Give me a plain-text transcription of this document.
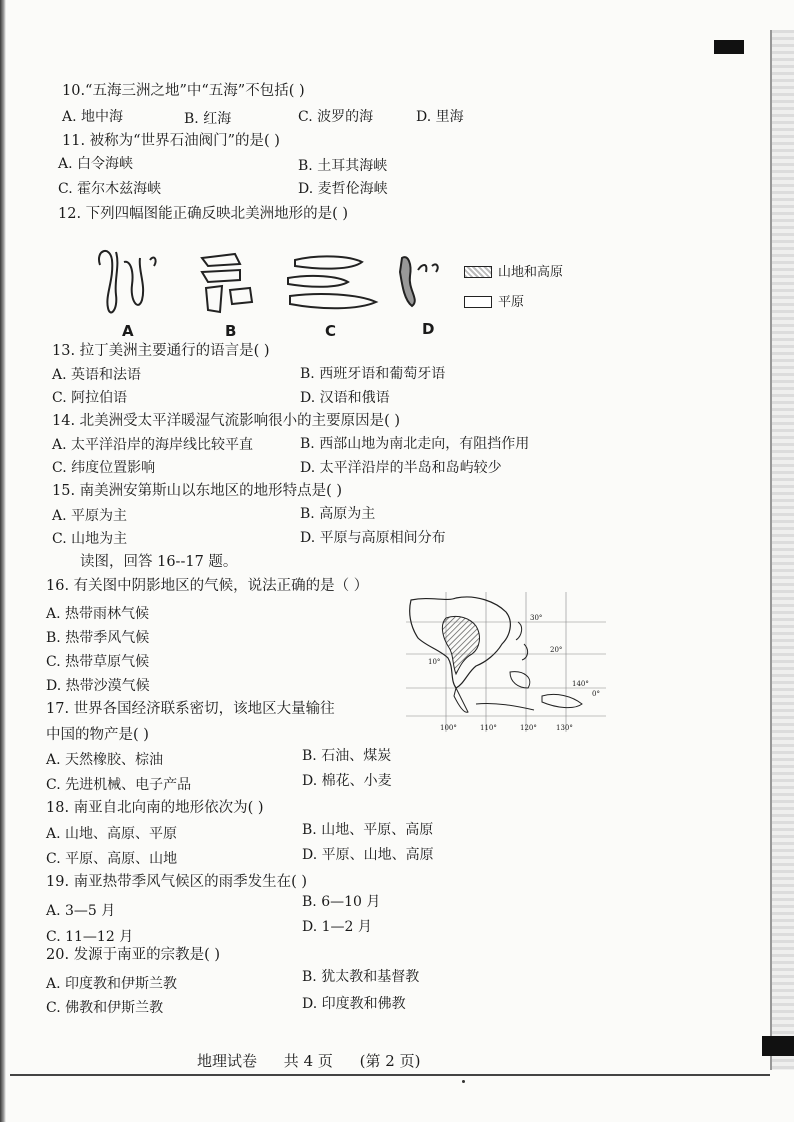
10.“五海三洲之地”中“五海”不包括( )
A. 地中海	B. 红海	C. 波罗的海	D. 里海
11. 被称为“世界石油阀门”的是( )
A. 白令海峡	B. 土耳其海峡
C. 霍尔木兹海峡	D. 麦哲伦海峡
12. 下列四幅图能正确反映北美洲地形的是( )
A	B	C	D
山地和高原
平原
13. 拉丁美洲主要通行的语言是( )
A. 英语和法语	B. 西班牙语和葡萄牙语
C. 阿拉伯语	D. 汉语和俄语
14. 北美洲受太平洋暖湿气流影响很小的主要原因是( )
A. 太平洋沿岸的海岸线比较平直	B. 西部山地为南北走向，有阻挡作用
C. 纬度位置影响	D. 太平洋沿岸的半岛和岛屿较少
15. 南美洲安第斯山以东地区的地形特点是( )
A. 平原为主	B. 高原为主
C. 山地为主	D. 平原与高原相间分布
读图，回答 16--17 题。
16. 有关图中阴影地区的气候，说法正确的是（ ）
A. 热带雨林气候
B. 热带季风气候
C. 热带草原气候
D. 热带沙漠气候
30°
20°
10°
0°
100°	110°	120°	130°
140°
17. 世界各国经济联系密切，该地区大量输往
中国的物产是( )
A. 天然橡胶、棕油	B. 石油、煤炭
C. 先进机械、电子产品	D. 棉花、小麦
18. 南亚自北向南的地形依次为( )
A. 山地、高原、平原	B. 山地、平原、高原
C. 平原、高原、山地	D. 平原、山地、高原
19. 南亚热带季风气候区的雨季发生在( )
A. 3—5 月
B. 6—10 月
C. 11—12 月
D. 1—2 月
20. 发源于南亚的宗教是( )
A. 印度教和伊斯兰教	B. 犹太教和基督教
C. 佛教和伊斯兰教	D. 印度教和佛教
地理试卷 共 4 页 (第 2 页)
